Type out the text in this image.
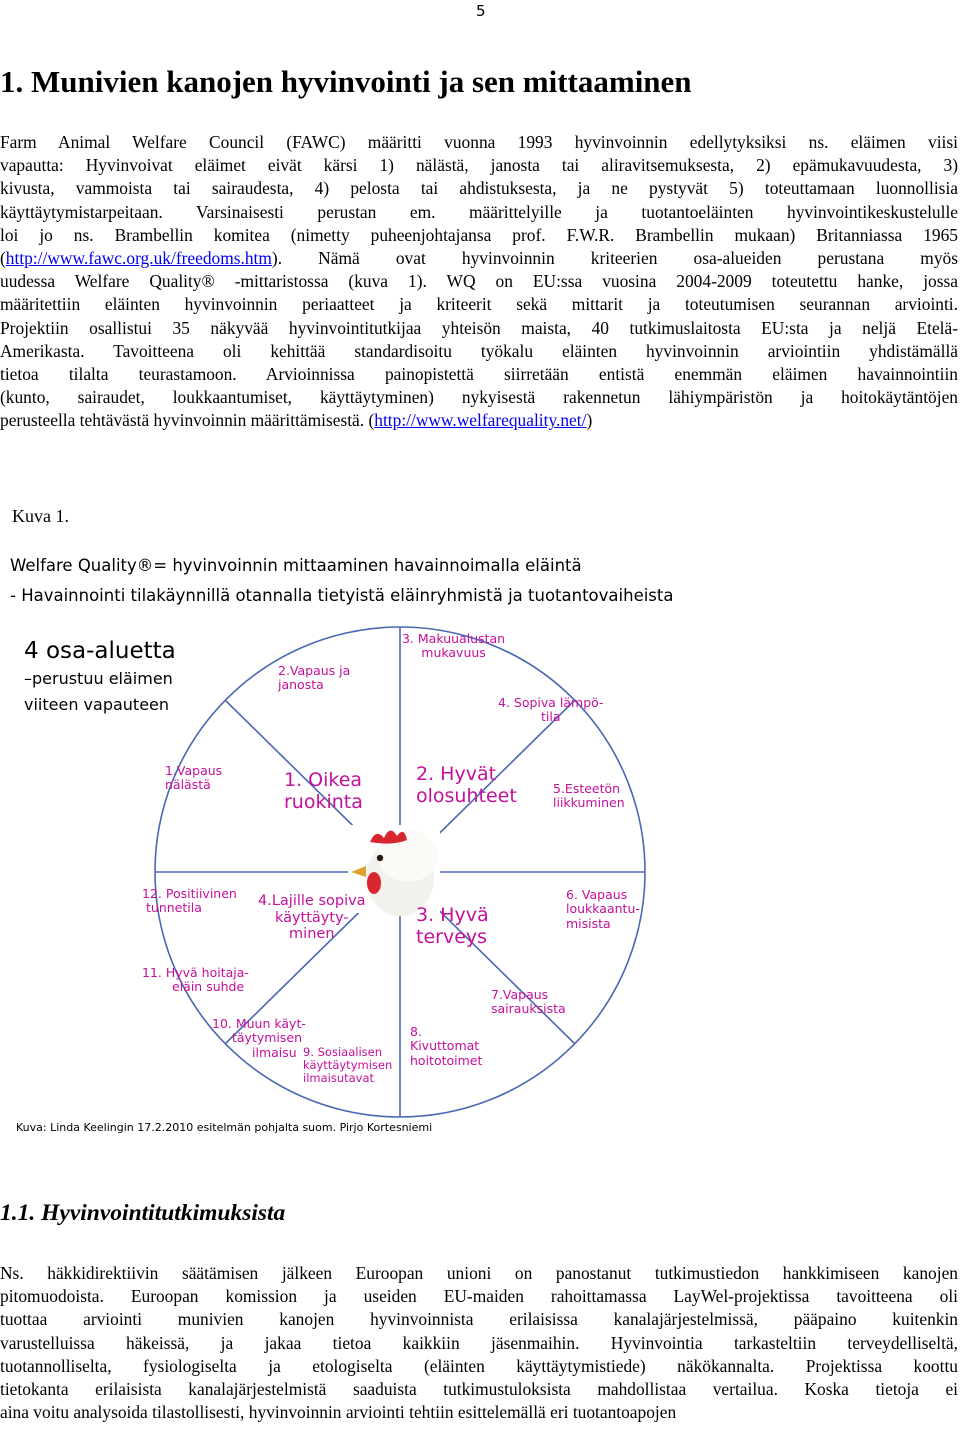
5
1. Munivien kanojen hyvinvointi ja sen mittaaminen
Farm Animal Welfare Council (FAWC) määritti vuonna 1993 hyvinvoinnin edellytyksiksi ns. eläimen viisi
vapautta: Hyvinvoivat eläimet eivät kärsi 1) nälästä, janosta tai aliravitsemuksesta, 2) epämukavuudesta, 3)
kivusta, vammoista tai sairaudesta, 4) pelosta tai ahdistuksesta, ja ne pystyvät 5) toteuttamaan luonnollisia
käyttäytymistarpeitaan. Varsinaisesti perustan em. määrittelyille ja tuotantoeläinten hyvinvointikeskustelulle
loi jo ns. Brambellin komitea (nimetty puheenjohtajansa prof. F.W.R. Brambellin mukaan) Britanniassa 1965
(http://www.fawc.org.uk/freedoms.htm). Nämä ovat hyvinvoinnin kriteerien osa-alueiden perustana myös
uudessa Welfare Quality® -mittaristossa (kuva 1). WQ on EU:ssa vuosina 2004-2009 toteutettu hanke, jossa
määritettiin eläinten hyvinvoinnin periaatteet ja kriteerit sekä mittarit ja toteutumisen seurannan arviointi.
Projektiin osallistui 35 näkyvää hyvinvointitutkijaa yhteisön maista, 40 tutkimuslaitosta EU:sta ja neljä Etelä-
Amerikasta. Tavoitteena oli kehittää standardisoitu työkalu eläinten hyvinvoinnin arviointiin yhdistämällä
tietoa tilalta teurastamoon. Arvioinnissa painopistettä siirretään entistä enemmän eläimen havainnointiin
(kunto, sairaudet, loukkaantumiset, käyttäytyminen) nykyisestä rakennetun lähiympäristön ja hoitokäytäntöjen
perusteella tehtävästä hyvinvoinnin määrittämisestä. (http://www.welfarequality.net/)
Kuva 1.
Welfare Quality®= hyvinvoinnin mittaaminen havainnoimalla eläintä
- Havainnointi tilakäynnillä otannalla tietyistä eläinryhmistä ja tuotantovaiheista
4 osa-aluetta
–perustuu eläimen
viiteen vapauteen
1. Oikea
ruokinta
2. Hyvät
olosuhteet
3. Hyvä
terveys
4.Lajille sopiva
käyttäyty-
minen
1.Vapaus
nälästä
2.Vapaus ja
janosta
3. Makuualustan
mukavuus
4. Sopiva lämpö-
tila
5.Esteetön
liikkuminen
6. Vapaus
loukkaantu-
misista
7.Vapaus
sairauksista
8.
Kivuttomat
hoitotoimet
9. Sosiaalisen
käyttäytymisen
ilmaisutavat
10. Muun käyt-
täytymisen
ilmaisu
11. Hyvä hoitaja-
eläin suhde
12. Positiivinen
tunnetila
Kuva: Linda Keelingin 17.2.2010 esitelmän pohjalta suom. Pirjo Kortesniemi
1.1. Hyvinvointitutkimuksista
Ns. häkkidirektiivin säätämisen jälkeen Euroopan unioni on panostanut tutkimustiedon hankkimiseen kanojen
pitomuodoista. Euroopan komission ja useiden EU-maiden rahoittamassa LayWel-projektissa tavoitteena oli
tuottaa arviointi munivien kanojen hyvinvoinnista erilaisissa kanalajärjestelmissä, pääpaino kuitenkin
varustelluissa häkeissä, ja jakaa tietoa kaikkiin jäsenmaihin. Hyvinvointia tarkasteltiin terveydelliseltä,
tuotannolliselta, fysiologiselta ja etologiselta (eläinten käyttäytymistiede) näkökannalta. Projektissa koottu
tietokanta erilaisista kanalajärjestelmistä saaduista tutkimustuloksista mahdollistaa vertailua. Koska tietoja ei
aina voitu analysoida tilastollisesti, hyvinvoinnin arviointi tehtiin esittelemällä eri tuotantoapojen
